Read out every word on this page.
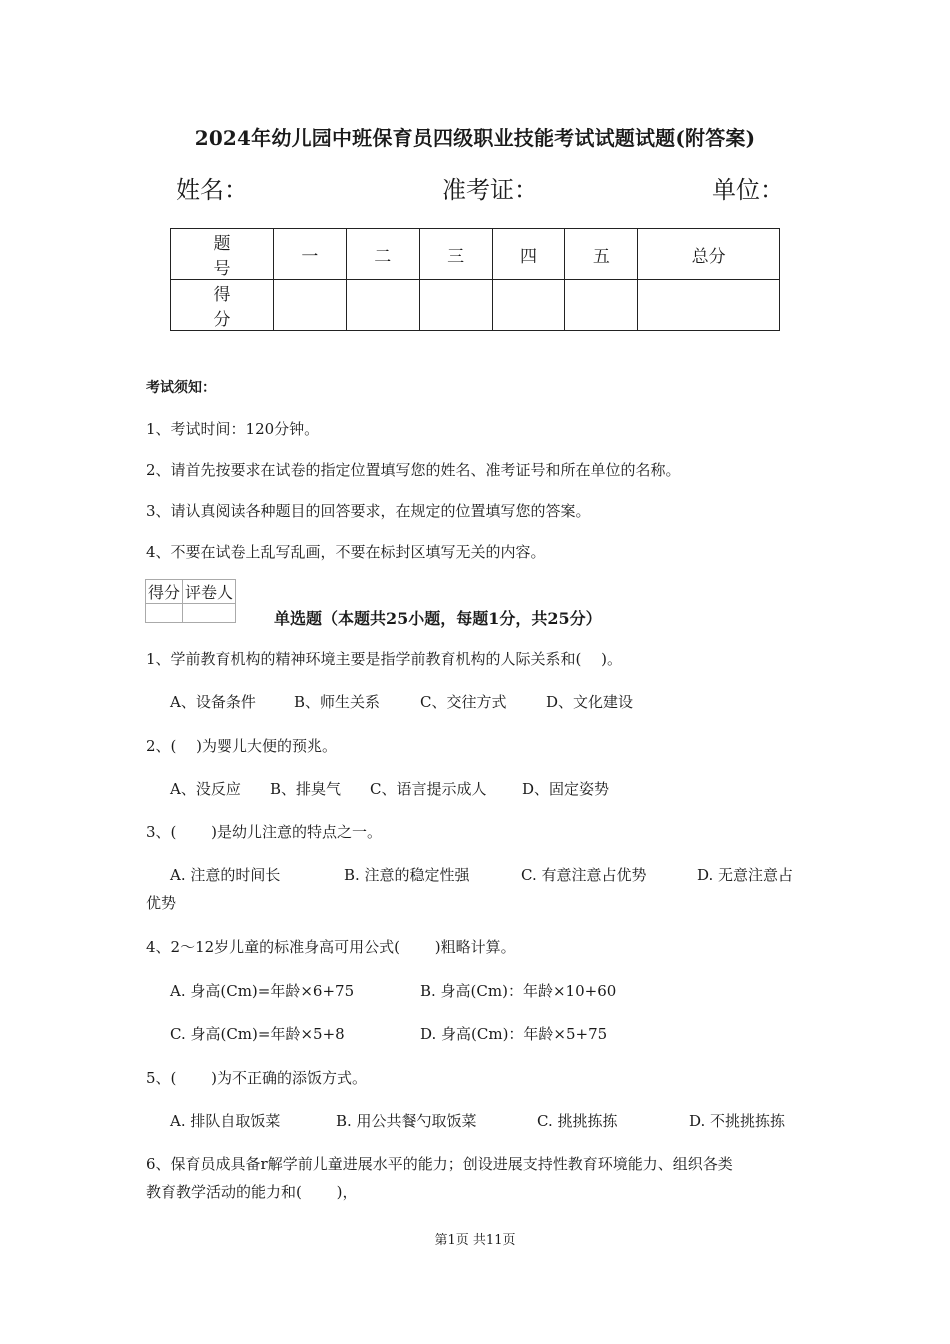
2024年幼儿园中班保育员四级职业技能考试试题试题(附答案)
姓名：	准考证：	单位：
题　号	一	二	三	四	五	总分
得　分						
考试须知：
1、考试时间：120分钟。
2、请首先按要求在试卷的指定位置填写您的姓名、准考证号和所在单位的名称。
3、请认真阅读各种题目的回答要求，在规定的位置填写您的答案。
4、不要在试卷上乱写乱画，不要在标封区填写无关的内容。
得分	评卷人

单选题（本题共25小题，每题1分，共25分）
1、学前教育机构的精神环境主要是指学前教育机构的人际关系和(　 )。
A、设备条件	B、师生关系	C、交往方式	D、文化建设
2、(　 )为婴儿大便的预兆。
A、没反应 B、排臭气 C、语言提示成人 D、固定姿势
3、(　 　)是幼儿注意的特点之一。
A. 注意的时间长	B. 注意的稳定性强	C. 有意注意占优势	D. 无意注意占
优势
4、2～12岁儿童的标准身高可用公式(　 　)粗略计算。
A. 身高(Cm)=年龄×6+75	B. 身高(Cm)：年龄×10+60
C. 身高(Cm)=年龄×5+8	D. 身高(Cm)：年龄×5+75
5、(　 　)为不正确的添饭方式。
A. 排队自取饭菜	B. 用公共餐勺取饭菜	C. 挑挑拣拣	D. 不挑挑拣拣
6、保育员成具备r解学前儿童进展水平的能力；创设进展支持性教育环境能力、组织各类
教育教学活动的能力和(　 　)，
第1页 共11页
